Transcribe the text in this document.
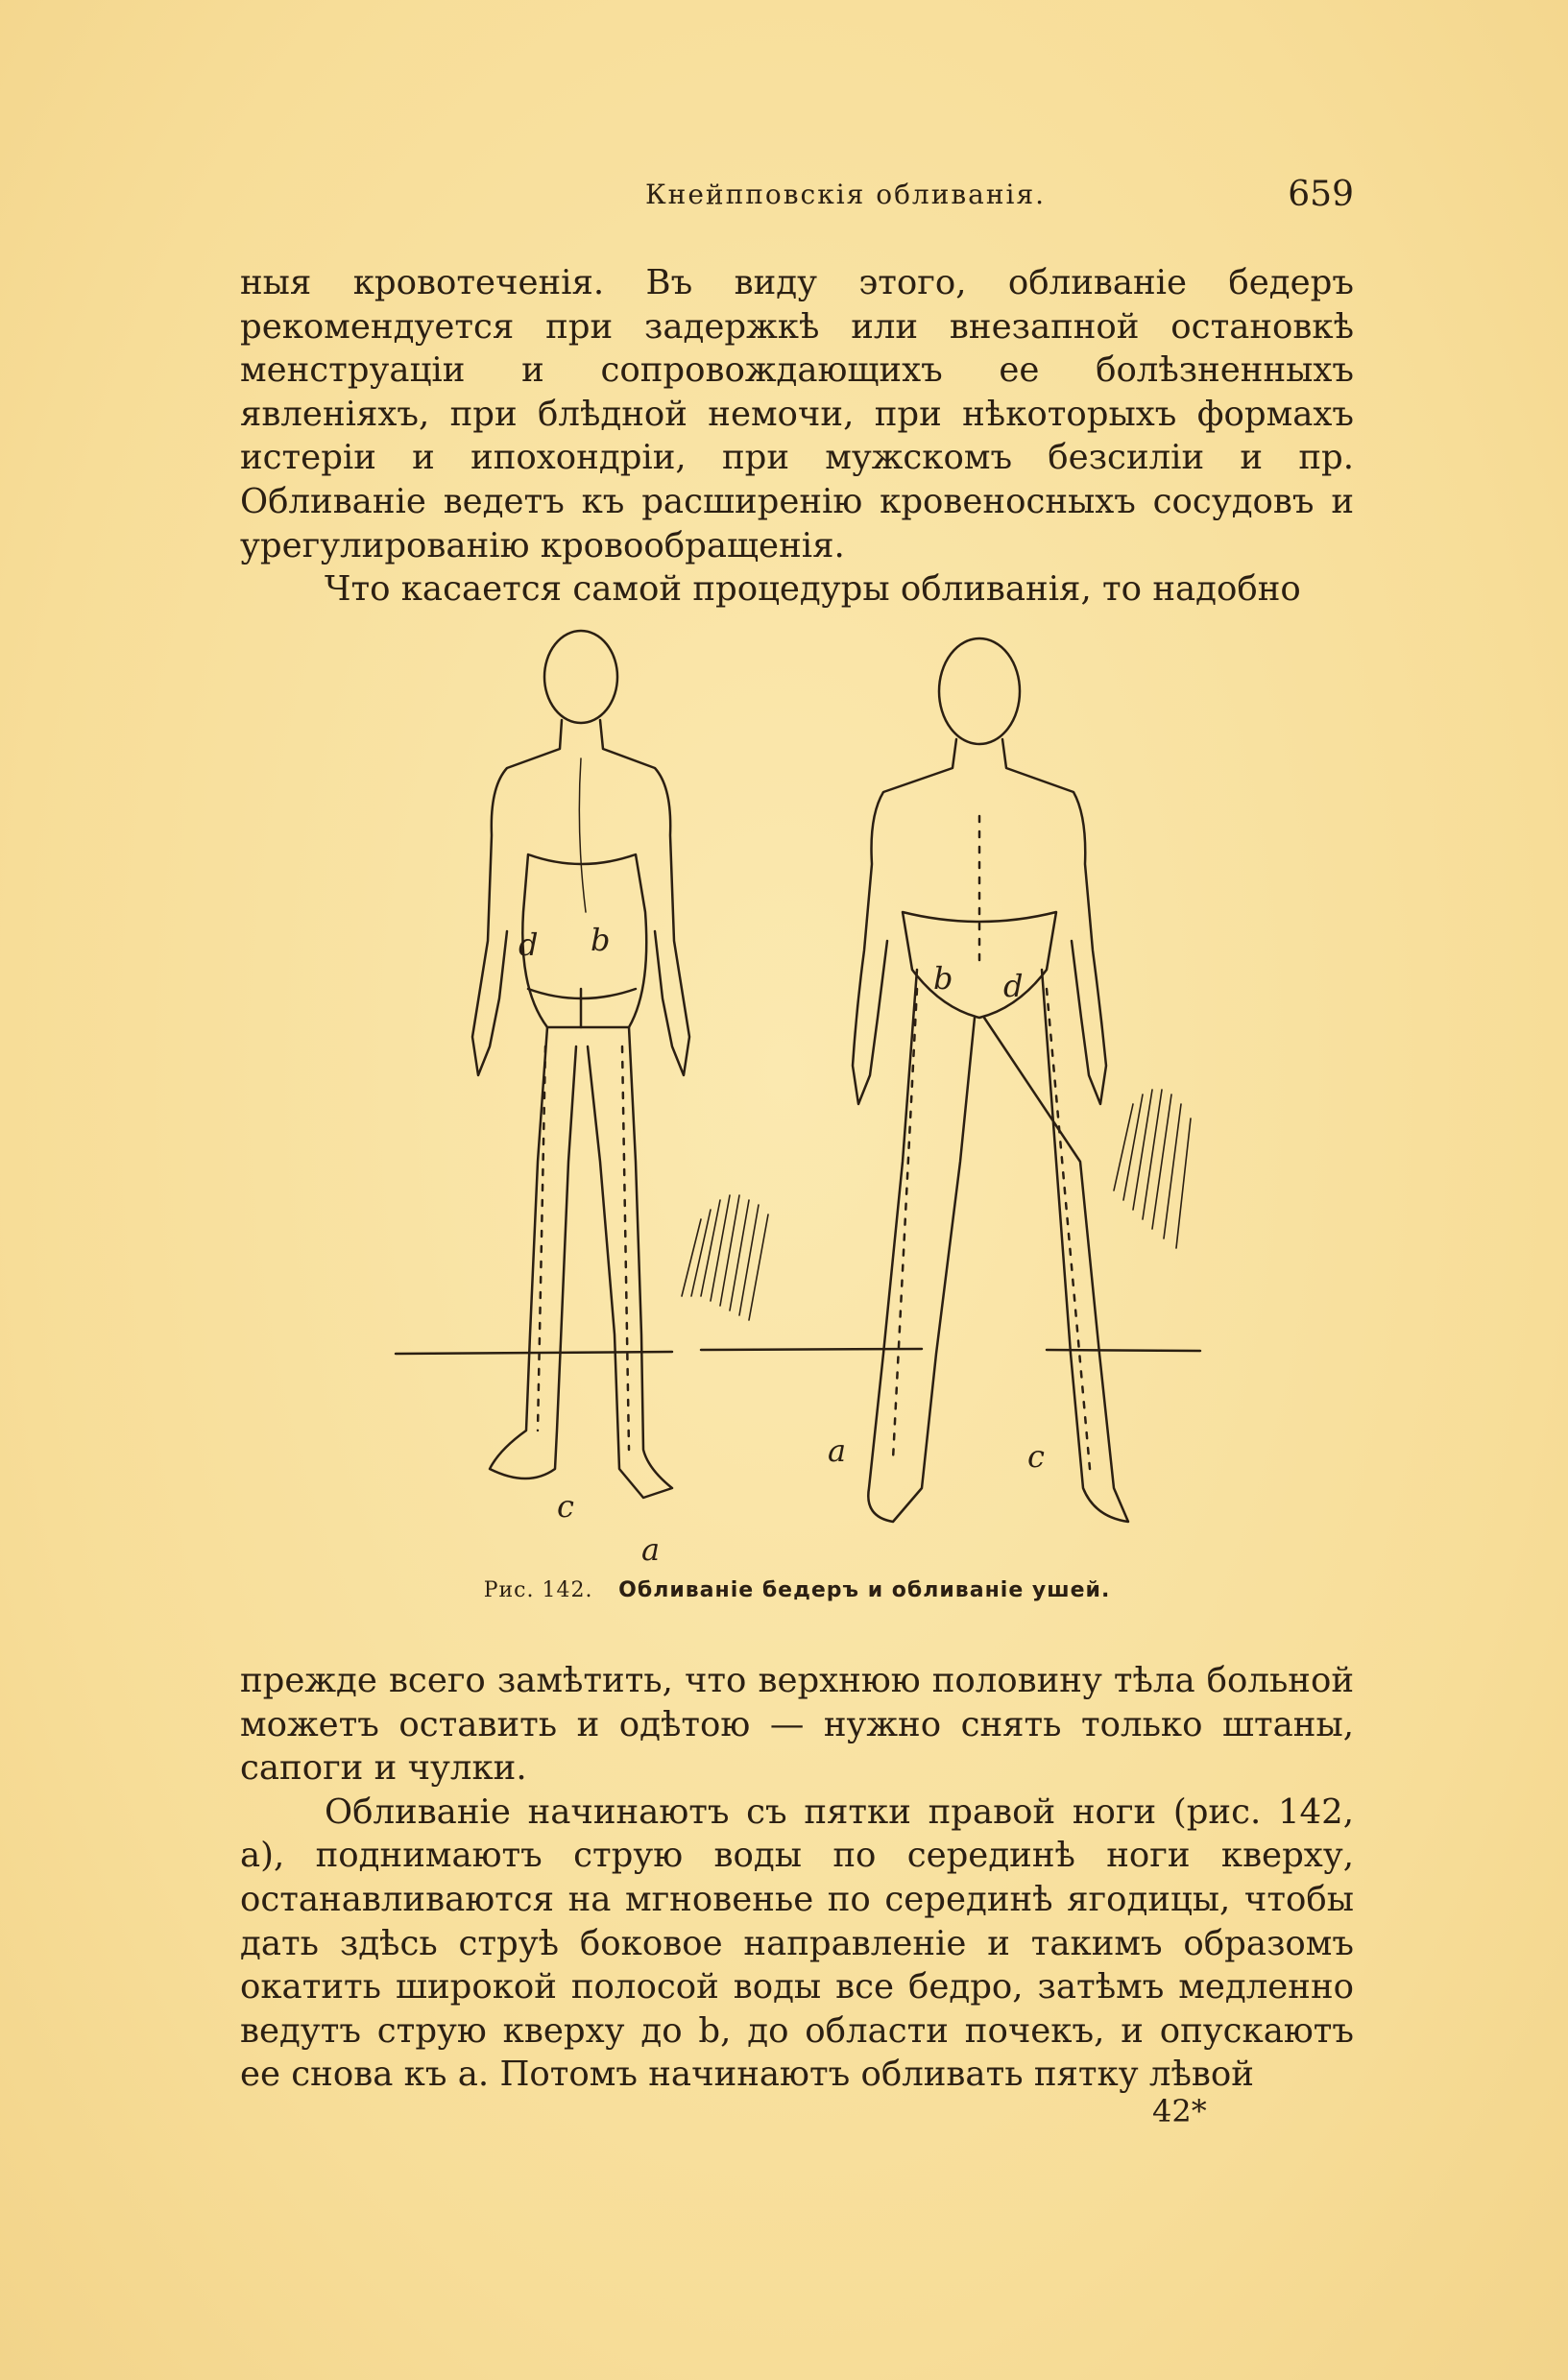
Кнейпповскія обливанія.	659

ныя кровотеченія. Въ виду этого, обливаніе бедеръ рекомендуется при задержкѣ или внезапной остановкѣ менструаціи и сопровождающихъ ее болѣзненныхъ явленіяхъ, при блѣдной немочи, при нѣкоторыхъ формахъ истеріи и ипохондріи, при мужскомъ безсиліи и пр. Обливаніе ведетъ къ расширенію кровеносныхъ сосудовъ и урегулированію кровообращенія.

Что касается самой процедуры обливанія, то надобно

d b
c
a
b d
a	c
Рис. 142. Обливаніе бедеръ и обливаніе ушей.

прежде всего замѣтить, что верхнюю половину тѣла больной можетъ оставить и одѣтою — нужно снять только штаны, сапоги и чулки.

Обливаніе начинаютъ съ пятки правой ноги (рис. 142, а), поднимаютъ струю воды по серединѣ ноги кверху, останавливаются на мгновенье по серединѣ ягодицы, чтобы дать здѣсь струѣ боковое направленіе и такимъ образомъ окатить широкой полосой воды все бедро, затѣмъ медленно ведутъ струю кверху до b, до области почекъ, и опускаютъ ее снова къ а. Потомъ начинаютъ обливать пятку лѣвой

42*
